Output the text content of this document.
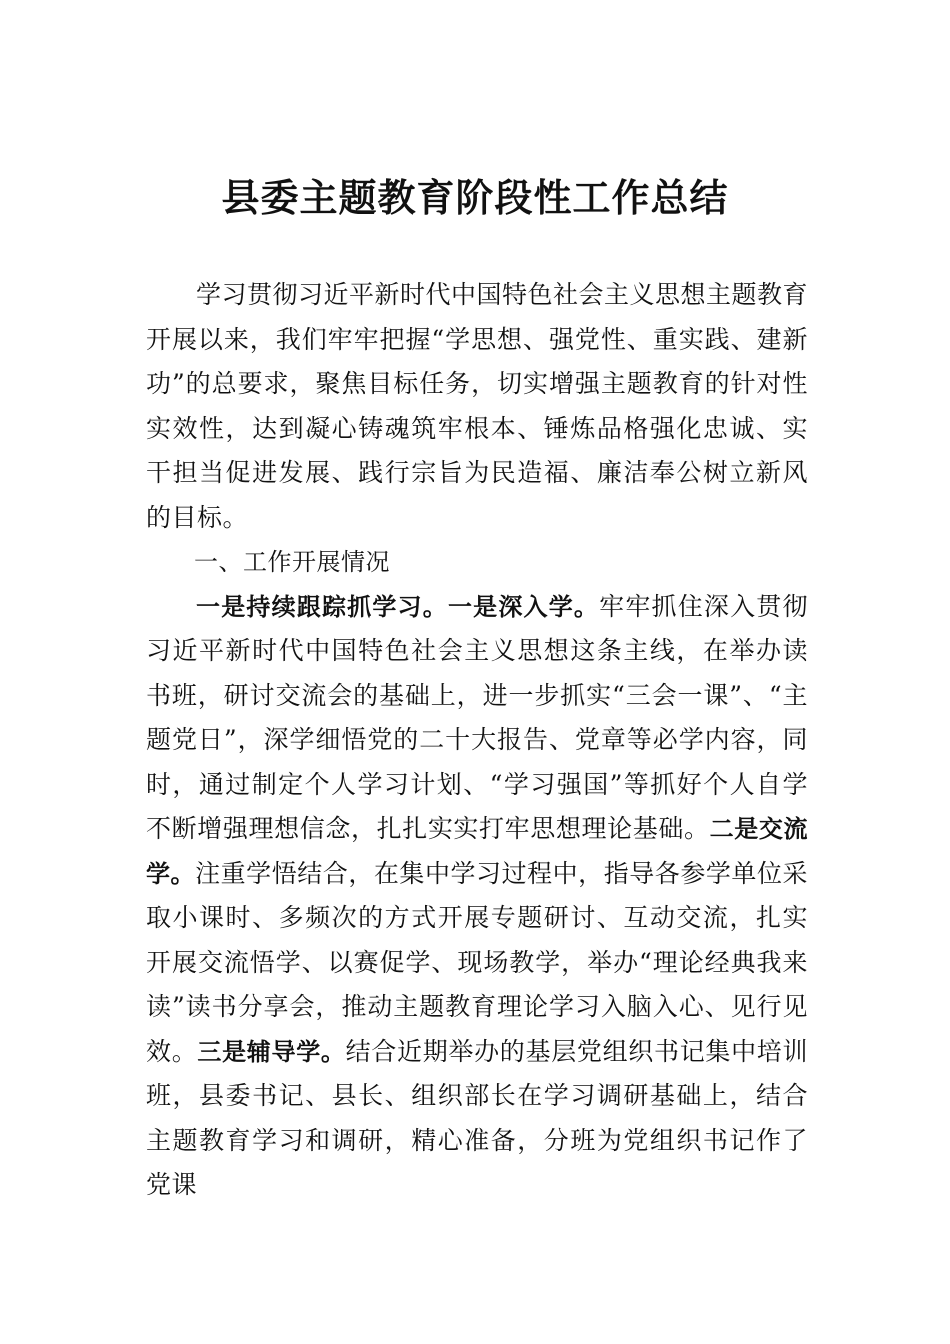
县委主题教育阶段性工作总结

学习贯彻习近平新时代中国特色社会主义思想主题教育开展以来，我们牢牢把握“学思想、强党性、重实践、建新功”的总要求，聚焦目标任务，切实增强主题教育的针对性实效性，达到凝心铸魂筑牢根本、锤炼品格强化忠诚、实干担当促进发展、践行宗旨为民造福、廉洁奉公树立新风的目标。

一、工作开展情况

一是持续跟踪抓学习。一是深入学。牢牢抓住深入贯彻习近平新时代中国特色社会主义思想这条主线，在举办读书班，研讨交流会的基础上，进一步抓实“三会一课”、“主题党日”，深学细悟党的二十大报告、党章等必学内容，同时，通过制定个人学习计划、“学习强国”等抓好个人自学不断增强理想信念，扎扎实实打牢思想理论基础。二是交流学。注重学悟结合，在集中学习过程中，指导各参学单位采取小课时、多频次的方式开展专题研讨、互动交流，扎实开展交流悟学、以赛促学、现场教学，举办“理论经典我来读”读书分享会，推动主题教育理论学习入脑入心、见行见效。三是辅导学。结合近期举办的基层党组织书记集中培训班，县委书记、县长、组织部长在学习调研基础上，结合主题教育学习和调研，精心准备，分班为党组织书记作了党课
